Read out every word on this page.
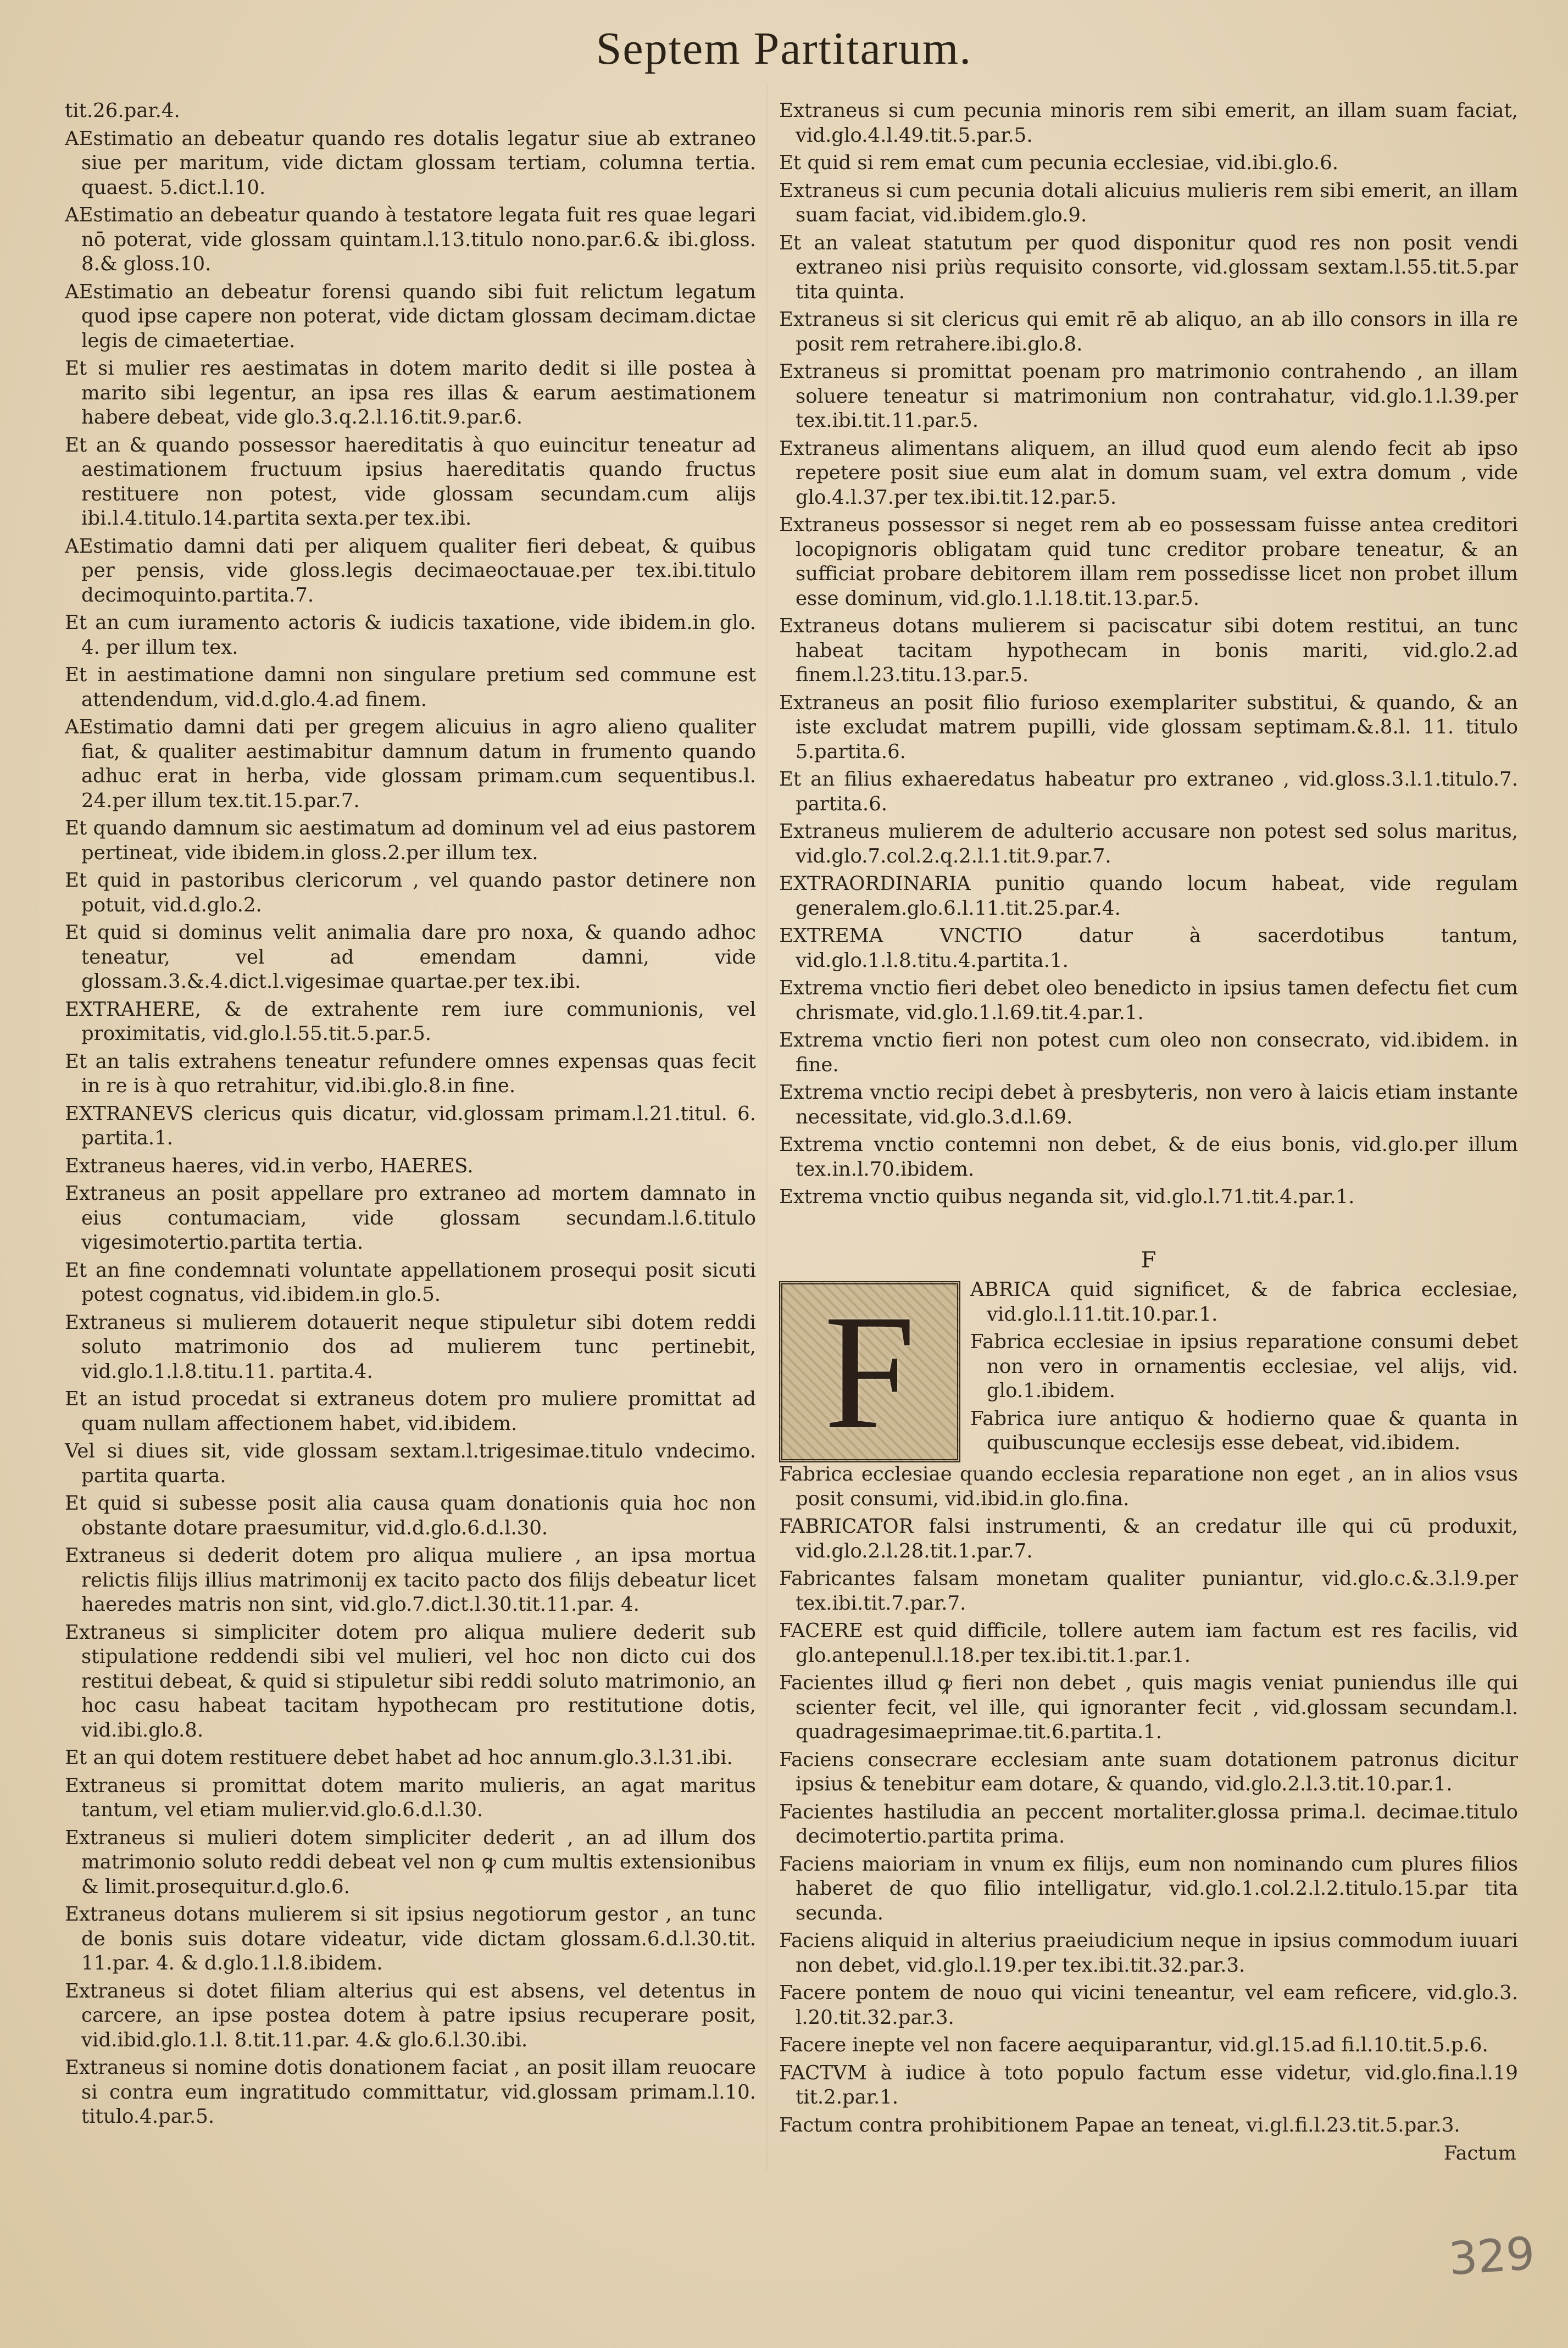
Septem Partitarum.

tit.26.par.4.

AEstimatio an debeatur quando res dotalis legatur siue ab extraneo siue per maritum, vide dictam glossam tertiam, columna tertia. quaest. 5.dict.l.10.

AEstimatio an debeatur quando à testatore legata fuit res quae legari nō poterat, vide glossam quintam.l.13.titulo nono.par.6.& ibi.gloss. 8.& gloss.10.

AEstimatio an debeatur forensi quando sibi fuit relictum legatum quod ipse capere non poterat, vide dictam glossam decimam.dictae legis de cimaetertiae.

Et si mulier res aestimatas in dotem marito dedit si ille postea à marito sibi legentur, an ipsa res illas & earum aestimationem habere debeat, vide glo.3.q.2.l.16.tit.9.par.6.

Et an & quando possessor haereditatis à quo euincitur teneatur ad aestimationem fructuum ipsius haereditatis quando fructus restituere non potest, vide glossam secundam.cum alijs ibi.l.4.titulo.14.partita sexta.per tex.ibi.

AEstimatio damni dati per aliquem qualiter fieri debeat, & quibus per pensis, vide gloss.legis decimaeoctauae.per tex.ibi.titulo decimoquinto.partita.7.

Et an cum iuramento actoris & iudicis taxatione, vide ibidem.in glo. 4. per illum tex.

Et in aestimatione damni non singulare pretium sed commune est attendendum, vid.d.glo.4.ad finem.

AEstimatio damni dati per gregem alicuius in agro alieno qualiter fiat, & qualiter aestimabitur damnum datum in frumento quando adhuc erat in herba, vide glossam primam.cum sequentibus.l. 24.per illum tex.tit.15.par.7.

Et quando damnum sic aestimatum ad dominum vel ad eius pastorem pertineat, vide ibidem.in gloss.2.per illum tex.

Et quid in pastoribus clericorum , vel quando pastor detinere non potuit, vid.d.glo.2.

Et quid si dominus velit animalia dare pro noxa, & quando adhoc teneatur, vel ad emendam damni, vide glossam.3.&.4.dict.l.vigesimae quartae.per tex.ibi.

EXTRAHERE, & de extrahente rem iure communionis, vel proximitatis, vid.glo.l.55.tit.5.par.5.

Et an talis extrahens teneatur refundere omnes expensas quas fecit in re is à quo retrahitur, vid.ibi.glo.8.in fine.

EXTRANEVS clericus quis dicatur, vid.glossam primam.l.21.titul. 6. partita.1.

Extraneus haeres, vid.in verbo, HAERES.

Extraneus an posit appellare pro extraneo ad mortem damnato in eius contumaciam, vide glossam secundam.l.6.titulo vigesimotertio.partita tertia.

Et an fine condemnati voluntate appellationem prosequi posit sicuti potest cognatus, vid.ibidem.in glo.5.

Extraneus si mulierem dotauerit neque stipuletur sibi dotem reddi soluto matrimonio dos ad mulierem tunc pertinebit, vid.glo.1.l.8.titu.11. partita.4.

Et an istud procedat si extraneus dotem pro muliere promittat ad quam nullam affectionem habet, vid.ibidem.

Vel si diues sit, vide glossam sextam.l.trigesimae.titulo vndecimo. partita quarta.

Et quid si subesse posit alia causa quam donationis quia hoc non obstante dotare praesumitur, vid.d.glo.6.d.l.30.

Extraneus si dederit dotem pro aliqua muliere , an ipsa mortua relictis filijs illius matrimonij ex tacito pacto dos filijs debeatur licet haeredes matris non sint, vid.glo.7.dict.l.30.tit.11.par. 4.

Extraneus si simpliciter dotem pro aliqua muliere dederit sub stipulatione reddendi sibi vel mulieri, vel hoc non dicto cui dos restitui debeat, & quid si stipuletur sibi reddi soluto matrimonio, an hoc casu habeat tacitam hypothecam pro restitutione dotis, vid.ibi.glo.8.

Et an qui dotem restituere debet habet ad hoc annum.glo.3.l.31.ibi.

Extraneus si promittat dotem marito mulieris, an agat maritus tantum, vel etiam mulier.vid.glo.6.d.l.30.

Extraneus si mulieri dotem simpliciter dederit , an ad illum dos matrimonio soluto reddi debeat vel non ꝙ cum multis extensionibus & limit.prosequitur.d.glo.6.

Extraneus dotans mulierem si sit ipsius negotiorum gestor , an tunc de bonis suis dotare videatur, vide dictam glossam.6.d.l.30.tit. 11.par. 4. & d.glo.1.l.8.ibidem.

Extraneus si dotet filiam alterius qui est absens, vel detentus in carcere, an ipse postea dotem à patre ipsius recuperare posit, vid.ibid.glo.1.l. 8.tit.11.par. 4.& glo.6.l.30.ibi.

Extraneus si nomine dotis donationem faciat , an posit illam reuocare si contra eum ingratitudo committatur, vid.glossam primam.l.10. titulo.4.par.5.

Extraneus si cum pecunia minoris rem sibi emerit, an illam suam faciat, vid.glo.4.l.49.tit.5.par.5.

Et quid si rem emat cum pecunia ecclesiae, vid.ibi.glo.6.

Extraneus si cum pecunia dotali alicuius mulieris rem sibi emerit, an illam suam faciat, vid.ibidem.glo.9.

Et an valeat statutum per quod disponitur quod res non posit vendi extraneo nisi priùs requisito consorte, vid.glossam sextam.l.55.tit.5.par tita quinta.

Extraneus si sit clericus qui emit rē ab aliquo, an ab illo consors in illa re posit rem retrahere.ibi.glo.8.

Extraneus si promittat poenam pro matrimonio contrahendo , an illam soluere teneatur si matrimonium non contrahatur, vid.glo.1.l.39.per tex.ibi.tit.11.par.5.

Extraneus alimentans aliquem, an illud quod eum alendo fecit ab ipso repetere posit siue eum alat in domum suam, vel extra domum , vide glo.4.l.37.per tex.ibi.tit.12.par.5.

Extraneus possessor si neget rem ab eo possessam fuisse antea creditori locopignoris obligatam quid tunc creditor probare teneatur, & an sufficiat probare debitorem illam rem possedisse licet non probet illum esse dominum, vid.glo.1.l.18.tit.13.par.5.

Extraneus dotans mulierem si paciscatur sibi dotem restitui, an tunc habeat tacitam hypothecam in bonis mariti, vid.glo.2.ad finem.l.23.titu.13.par.5.

Extraneus an posit filio furioso exemplariter substitui, & quando, & an iste excludat matrem pupilli, vide glossam septimam.&.8.l. 11. titulo 5.partita.6.

Et an filius exhaeredatus habeatur pro extraneo , vid.gloss.3.l.1.titulo.7. partita.6.

Extraneus mulierem de adulterio accusare non potest sed solus maritus, vid.glo.7.col.2.q.2.l.1.tit.9.par.7.

EXTRAORDINARIA punitio quando locum habeat, vide regulam generalem.glo.6.l.11.tit.25.par.4.

EXTREMA VNCTIO datur à sacerdotibus tantum, vid.glo.1.l.8.titu.4.partita.1.

Extrema vnctio fieri debet oleo benedicto in ipsius tamen defectu fiet cum chrismate, vid.glo.1.l.69.tit.4.par.1.

Extrema vnctio fieri non potest cum oleo non consecrato, vid.ibidem. in fine.

Extrema vnctio recipi debet à presbyteris, non vero à laicis etiam instante necessitate, vid.glo.3.d.l.69.

Extrema vnctio contemni non debet, & de eius bonis, vid.glo.per illum tex.in.l.70.ibidem.

Extrema vnctio quibus neganda sit, vid.glo.l.71.tit.4.par.1.

F
F	ABRICA quid significet, & de fabrica ecclesiae, vid.glo.l.11.tit.10.par.1.

Fabrica ecclesiae in ipsius reparatione consumi debet non vero in ornamentis ecclesiae, vel alijs, vid. glo.1.ibidem.

Fabrica iure antiquo & hodierno quae & quanta in quibuscunque ecclesijs esse debeat, vid.ibidem.

Fabrica ecclesiae quando ecclesia reparatione non eget , an in alios vsus posit consumi, vid.ibid.in glo.fina.

FABRICATOR falsi instrumenti, & an credatur ille qui cū produxit, vid.glo.2.l.28.tit.1.par.7.

Fabricantes falsam monetam qualiter puniantur, vid.glo.c.&.3.l.9.per tex.ibi.tit.7.par.7.

FACERE est quid difficile, tollere autem iam factum est res facilis, vid glo.antepenul.l.18.per tex.ibi.tit.1.par.1.

Facientes illud ꝙ fieri non debet , quis magis veniat puniendus ille qui scienter fecit, vel ille, qui ignoranter fecit , vid.glossam secundam.l. quadragesimaeprimae.tit.6.partita.1.

Faciens consecrare ecclesiam ante suam dotationem patronus dicitur ipsius & tenebitur eam dotare, & quando, vid.glo.2.l.3.tit.10.par.1.

Facientes hastiludia an peccent mortaliter.glossa prima.l. decimae.titulo decimotertio.partita prima.

Faciens maioriam in vnum ex filijs, eum non nominando cum plures filios haberet de quo filio intelligatur, vid.glo.1.col.2.l.2.titulo.15.par tita secunda.

Faciens aliquid in alterius praeiudicium neque in ipsius commodum iuuari non debet, vid.glo.l.19.per tex.ibi.tit.32.par.3.

Facere pontem de nouo qui vicini teneantur, vel eam reficere, vid.glo.3. l.20.tit.32.par.3.

Facere inepte vel non facere aequiparantur, vid.gl.15.ad fi.l.10.tit.5.p.6.

FACTVM à iudice à toto populo factum esse videtur, vid.glo.fina.l.19 tit.2.par.1.

Factum contra prohibitionem Papae an teneat, vi.gl.fi.l.23.tit.5.par.3.

Factum
329
